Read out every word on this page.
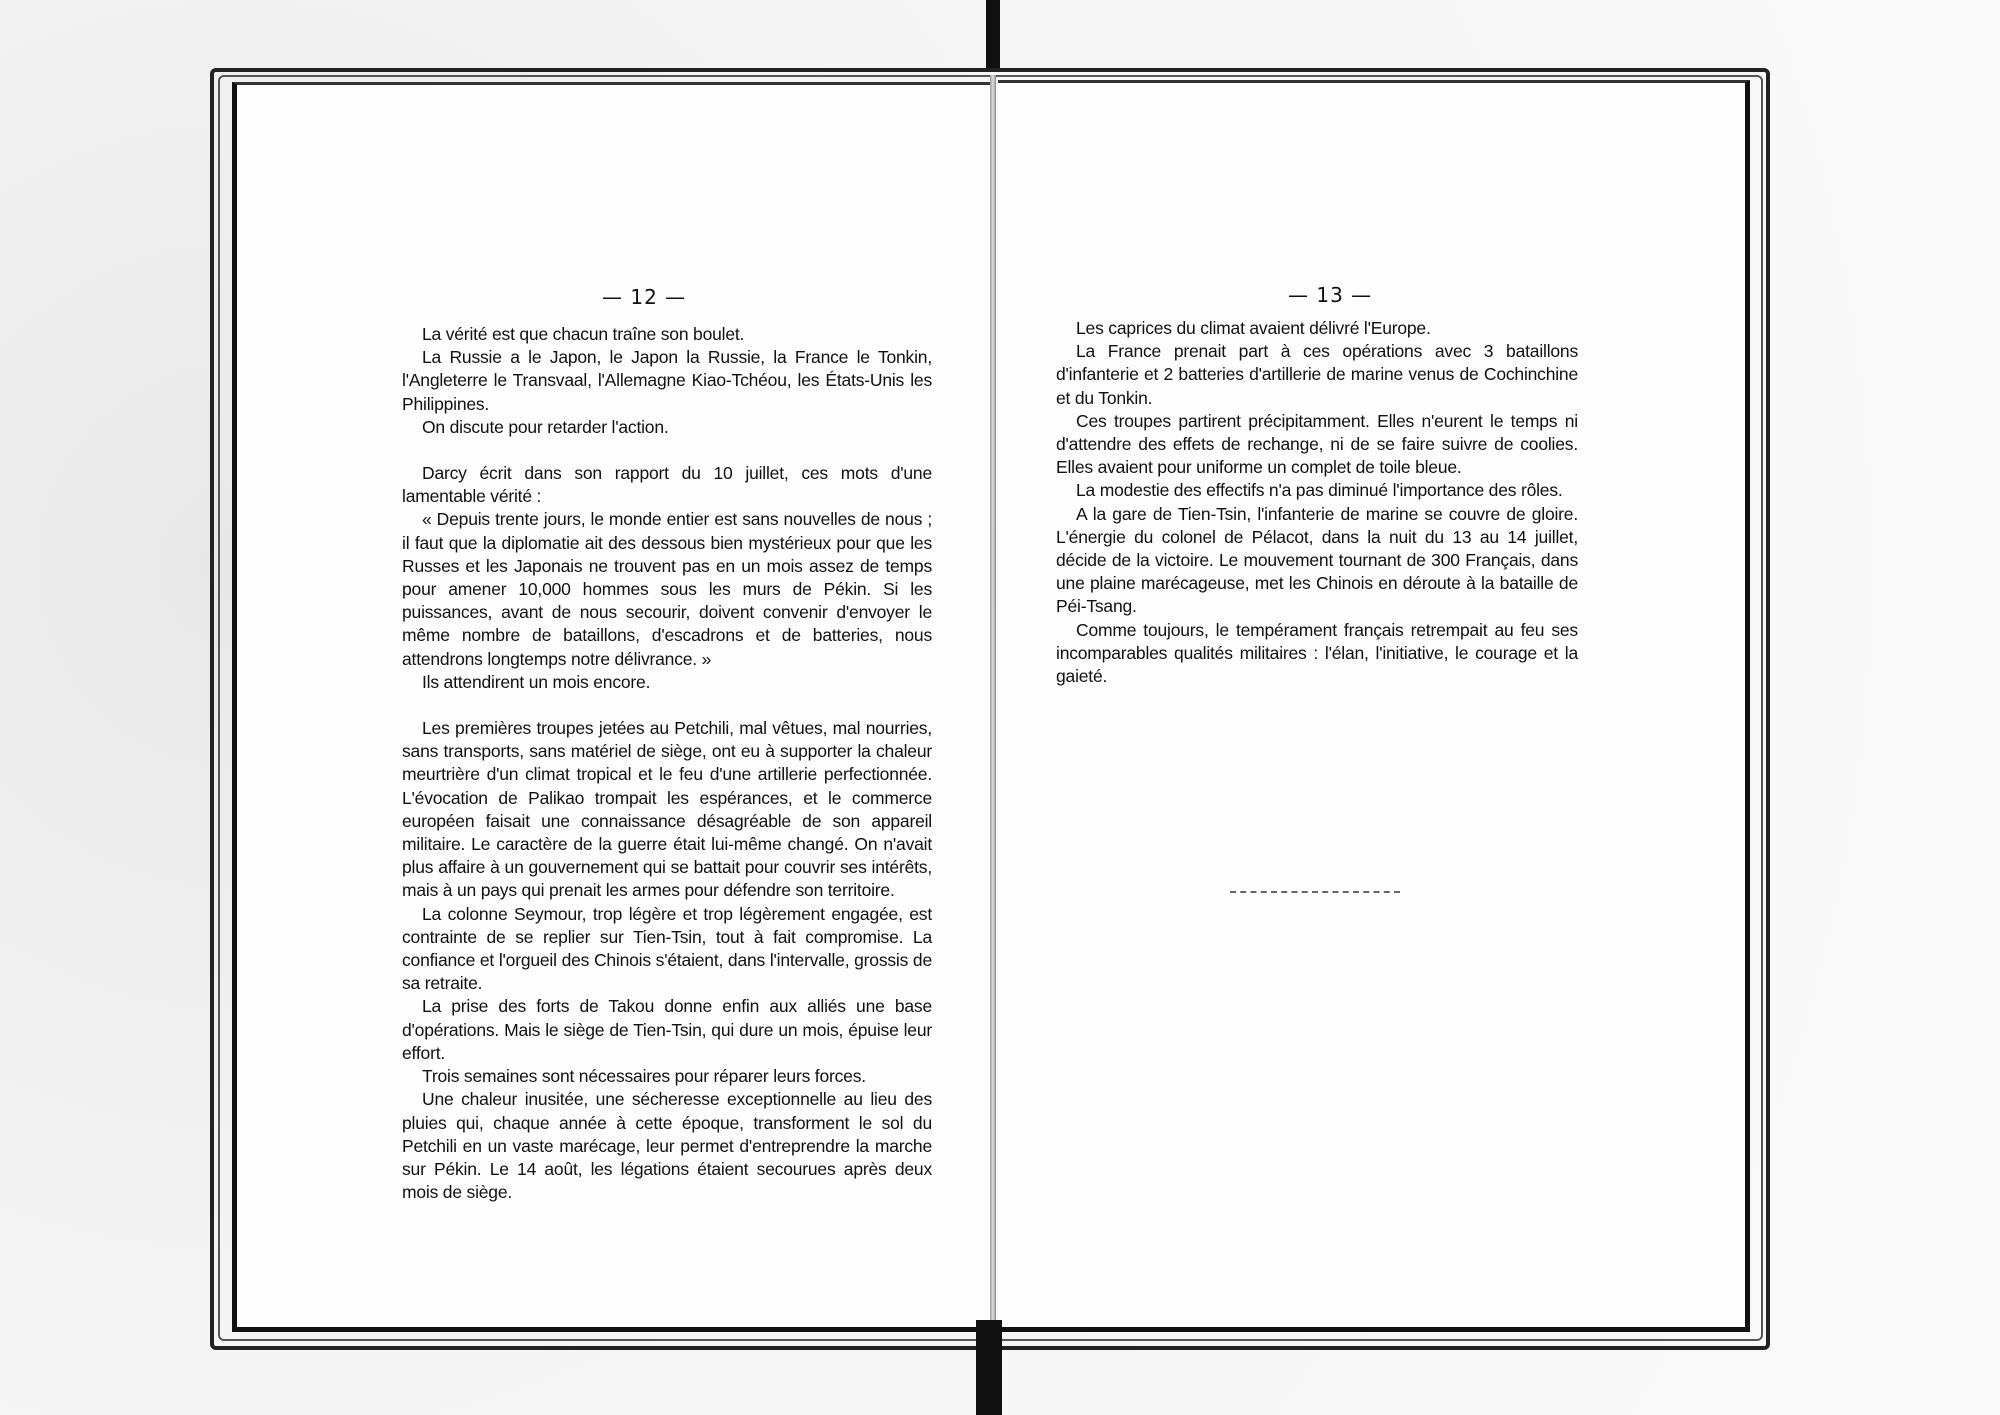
— 12 —

La vérité est que chacun traîne son boulet.

La Russie a le Japon, le Japon la Russie, la France le Tonkin, l'Angleterre le Transvaal, l'Allemagne Kiao-Tchéou, les États-Unis les Philippines.

On discute pour retarder l'action.

Darcy écrit dans son rapport du 10 juillet, ces mots d'une lamentable vérité :

« Depuis trente jours, le monde entier est sans nouvelles de nous ; il faut que la diplomatie ait des dessous bien mystérieux pour que les Russes et les Japonais ne trouvent pas en un mois assez de temps pour amener 10,000 hommes sous les murs de Pékin. Si les puissances, avant de nous secourir, doivent convenir d'envoyer le même nombre de bataillons, d'escadrons et de batteries, nous attendrons longtemps notre délivrance. »

Ils attendirent un mois encore.

Les premières troupes jetées au Petchili, mal vêtues, mal nourries, sans transports, sans matériel de siège, ont eu à supporter la chaleur meurtrière d'un climat tropical et le feu d'une artillerie perfectionnée. L'évocation de Palikao trompait les espérances, et le commerce européen faisait une connaissance désagréable de son appareil militaire. Le caractère de la guerre était lui-même changé. On n'avait plus affaire à un gouvernement qui se battait pour couvrir ses intérêts, mais à un pays qui prenait les armes pour défendre son territoire.

La colonne Seymour, trop légère et trop légèrement engagée, est contrainte de se replier sur Tien-Tsin, tout à fait compromise. La confiance et l'orgueil des Chinois s'étaient, dans l'intervalle, grossis de sa retraite.

La prise des forts de Takou donne enfin aux alliés une base d'opérations. Mais le siège de Tien-Tsin, qui dure un mois, épuise leur effort.

Trois semaines sont nécessaires pour réparer leurs forces.

Une chaleur inusitée, une sécheresse exceptionnelle au lieu des pluies qui, chaque année à cette époque, transforment le sol du Petchili en un vaste marécage, leur permet d'entreprendre la marche sur Pékin. Le 14 août, les légations étaient secourues après deux mois de siège.

— 13 —

Les caprices du climat avaient délivré l'Europe.

La France prenait part à ces opérations avec 3 bataillons d'infanterie et 2 batteries d'artillerie de marine venus de Cochinchine et du Tonkin.

Ces troupes partirent précipitamment. Elles n'eurent le temps ni d'attendre des effets de rechange, ni de se faire suivre de coolies. Elles avaient pour uniforme un complet de toile bleue.

La modestie des effectifs n'a pas diminué l'importance des rôles.

A la gare de Tien-Tsin, l'infanterie de marine se couvre de gloire. L'énergie du colonel de Pélacot, dans la nuit du 13 au 14 juillet, décide de la victoire. Le mouvement tournant de 300 Français, dans une plaine marécageuse, met les Chinois en déroute à la bataille de Péi-Tsang.

Comme toujours, le tempérament français retrempait au feu ses incomparables qualités militaires : l'élan, l'initiative, le courage et la gaieté.
